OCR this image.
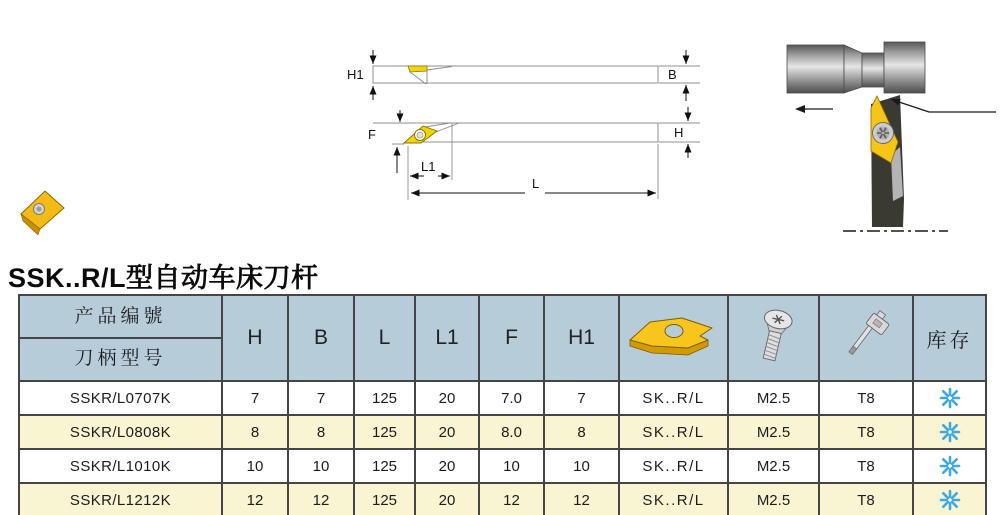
H1	B
F	H
L1
L
SSK..R/L型自动车床刀杆
产品编號
刀柄型号	H	B	L	L1	F	H1				库存
SSKR/L0707K	7	7	125	20	7.0	7	SK..R/L	M2.5	T8	

SSKR/L0808K	8	8	125	20	8.0	8	SK..R/L	M2.5	T8	

SSKR/L1010K	10	10	125	20	10	10	SK..R/L	M2.5	T8	

SSKR/L1212K	12	12	125	20	12	12	SK..R/L	M2.5	T8	
